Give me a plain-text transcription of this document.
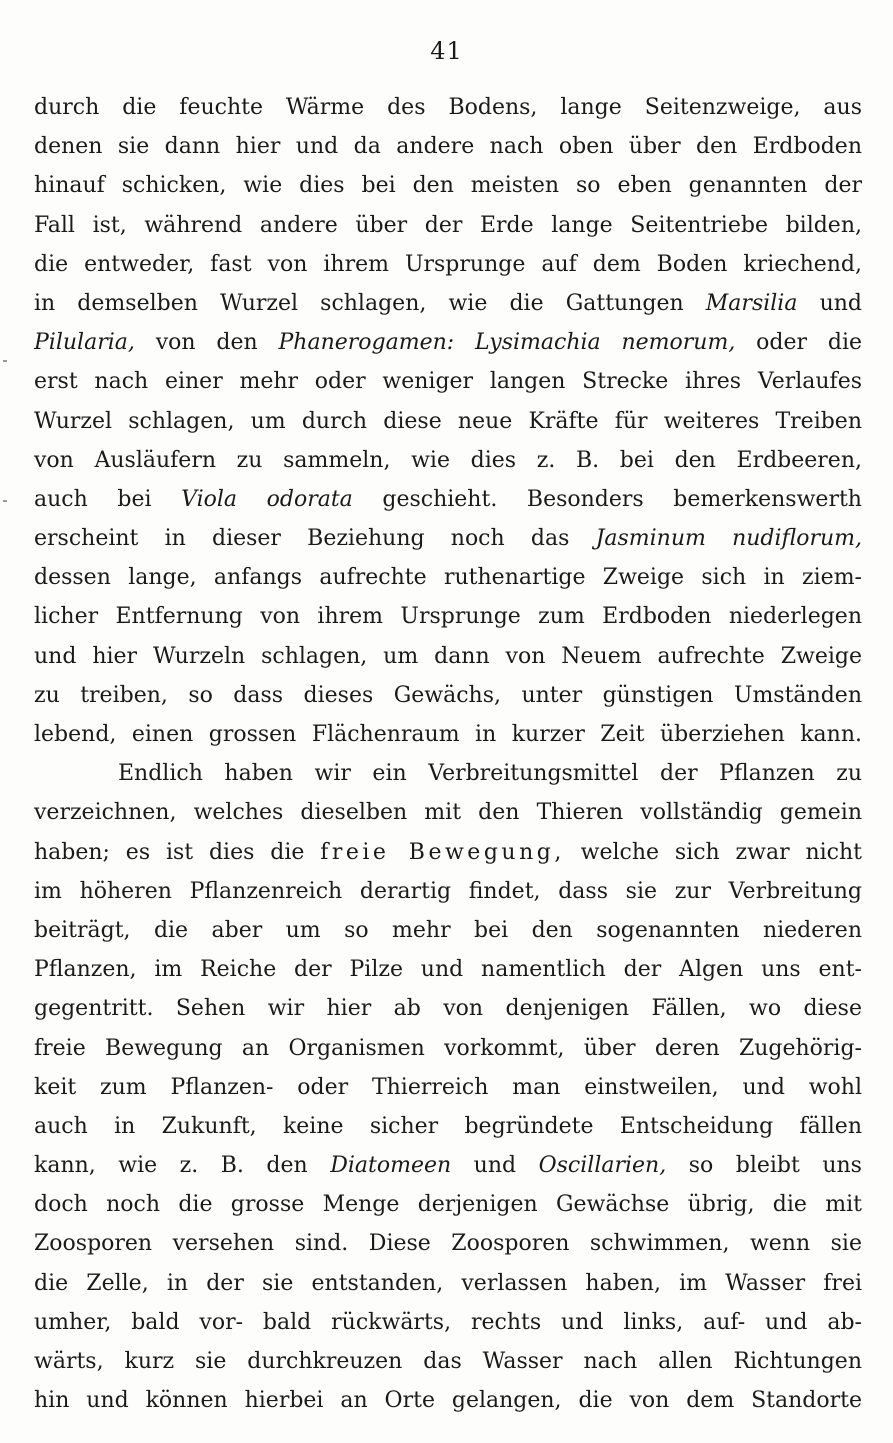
41
durch die feuchte Wärme des Bodens, lange Seitenzweige, aus
denen sie dann hier und da andere nach oben über den Erdboden
hinauf schicken, wie dies bei den meisten so eben genannten der
Fall ist, während andere über der Erde lange Seitentriebe bilden,
die entweder, fast von ihrem Ursprunge auf dem Boden kriechend,
in demselben Wurzel schlagen, wie die Gattungen Marsilia und
Pilularia, von den Phanerogamen: Lysimachia nemorum, oder die
erst nach einer mehr oder weniger langen Strecke ihres Verlaufes
Wurzel schlagen, um durch diese neue Kräfte für weiteres Treiben
von Ausläufern zu sammeln, wie dies z. B. bei den Erdbeeren,
auch bei Viola odorata geschieht. Besonders bemerkenswerth
erscheint in dieser Beziehung noch das Jasminum nudiflorum,
dessen lange, anfangs aufrechte ruthenartige Zweige sich in ziem-
licher Entfernung von ihrem Ursprunge zum Erdboden niederlegen
und hier Wurzeln schlagen, um dann von Neuem aufrechte Zweige
zu treiben, so dass dieses Gewächs, unter günstigen Umständen
lebend, einen grossen Flächenraum in kurzer Zeit überziehen kann.
Endlich haben wir ein Verbreitungsmittel der Pflanzen zu
verzeichnen, welches dieselben mit den Thieren vollständig gemein
haben; es ist dies die freie Bewegung, welche sich zwar nicht
im höheren Pflanzenreich derartig findet, dass sie zur Verbreitung
beiträgt, die aber um so mehr bei den sogenannten niederen
Pflanzen, im Reiche der Pilze und namentlich der Algen uns ent-
gegentritt. Sehen wir hier ab von denjenigen Fällen, wo diese
freie Bewegung an Organismen vorkommt, über deren Zugehörig-
keit zum Pflanzen- oder Thierreich man einstweilen, und wohl
auch in Zukunft, keine sicher begründete Entscheidung fällen
kann, wie z. B. den Diatomeen und Oscillarien, so bleibt uns
doch noch die grosse Menge derjenigen Gewächse übrig, die mit
Zoosporen versehen sind. Diese Zoosporen schwimmen, wenn sie
die Zelle, in der sie entstanden, verlassen haben, im Wasser frei
umher, bald vor- bald rückwärts, rechts und links, auf- und ab-
wärts, kurz sie durchkreuzen das Wasser nach allen Richtungen
hin und können hierbei an Orte gelangen, die von dem Standorte
